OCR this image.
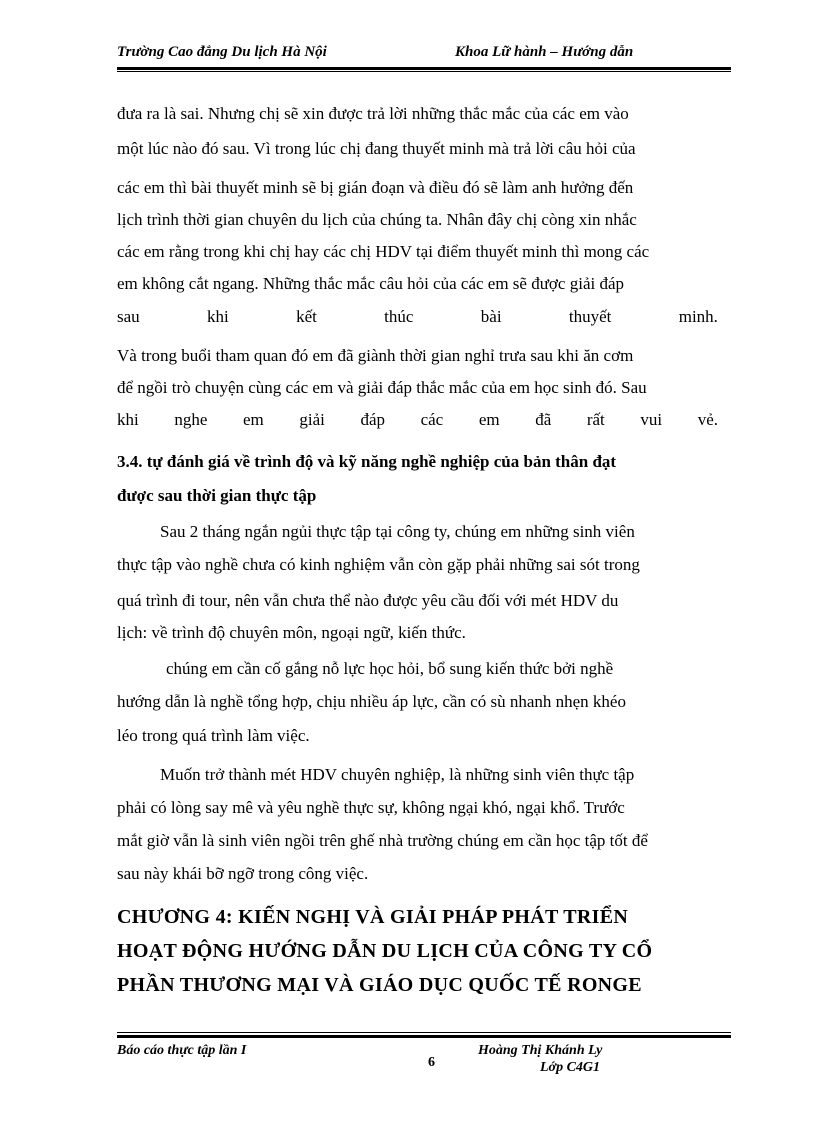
Trường Cao đẳng Du lịch Hà Nội	Khoa Lữ hành – Hướng dẫn
đưa ra là sai. Nhưng chị sẽ xin được trả lời những thắc mắc của các em vào
một lúc nào đó sau. Vì trong lúc chị đang thuyết minh mà trả lời câu hỏi của
các em thì bài thuyết minh sẽ bị gián đoạn và điều đó sẽ làm anh hưởng đến
lịch trình thời gian chuyên du lịch của chúng ta. Nhân đây chị còng xin nhắc
các em rằng trong khi chị hay các chị HDV tại điểm thuyết minh thì mong các
em không cắt ngang. Những thắc mắc câu hỏi của các em sẽ được giải đáp
sau	khi	kết	thúc	bài	thuyết	minh.
Và trong buổi tham quan đó em đã giành thời gian nghỉ trưa sau khi ăn cơm
để ngồi trò chuyện cùng các em và giải đáp thắc mắc của em học sinh đó. Sau
khi nghe em giải đáp các em đã rất vui vẻ.
3.4. tự đánh giá về trình độ và kỹ năng nghề nghiệp của bản thân đạt
được sau thời gian thực tập
Sau 2 tháng ngắn ngủi thực tập tại công ty, chúng em những sinh viên
thực tập vào nghề chưa có kinh nghiệm vẫn còn gặp phải những sai sót trong
quá trình đi tour, nên vẫn chưa thể nào được yêu cầu đối với mét HDV du
lịch: về trình độ chuyên môn, ngoại ngữ, kiến thức.
chúng em cần cố gắng nỗ lực học hỏi, bổ sung kiến thức bởi nghề
hướng dẫn là nghề tổng hợp, chịu nhiều áp lực, cần có sù nhanh nhẹn khéo
léo trong quá trình làm việc.
Muốn trở thành mét HDV chuyên nghiệp, là những sinh viên thực tập
phải có lòng say mê và yêu nghề thực sự, không ngại khó, ngại khổ. Trước
mắt giờ vẫn là sinh viên ngồi trên ghế nhà trường chúng em cần học tập tốt để
sau này khái bỡ ngỡ trong công việc.
CHƯƠNG 4: KIẾN NGHỊ VÀ GIẢI PHÁP PHÁT TRIỂN
HOẠT ĐỘNG HƯỚNG DẪN DU LỊCH CỦA CÔNG TY CỔ
PHẦN THƯƠNG MẠI VÀ GIÁO DỤC QUỐC TẾ RONGE
Báo cáo thực tập lần I
6
Hoàng Thị Khánh Ly
Lớp C4G1
